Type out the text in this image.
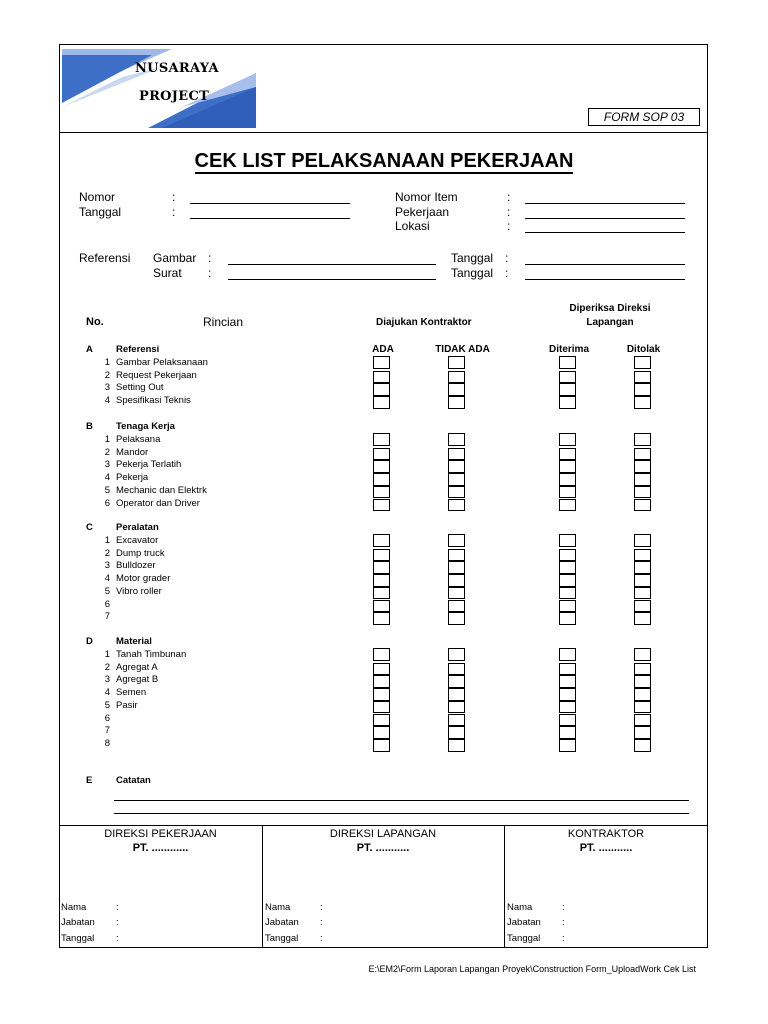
NUSARAYA
PROJECT
FORM SOP 03
CEK LIST PELAKSANAAN PEKERJAAN
Nomor	:
Tanggal	:
Nomor Item	:
Pekerjaan	:
Lokasi	:
Referensi Gambar :	Tanggal :
Surat :	Tanggal :
No.	Rincian	Diajukan Kontraktor
Diperiksa Direksi
Lapangan
ADA	TIDAK ADA	Diterima	Ditolak
A Referensi
1 Gambar Pelaksanaan
2 Request Pekerjaan
3 Setting Out
4 Spesifikasi Teknis
B Tenaga Kerja
1 Pelaksana
2 Mandor
3 Pekerja Terlatih
4 Pekerja
5 Mechanic dan Elektrk
6 Operator dan Driver
C Peralatan
1 Excavator
2 Dump truck
3 Bulldozer
4 Motor grader
5 Vibro roller
6
7
D Material
1 Tanah Timbunan
2 Agregat A
3 Agregat B
4 Semen
5 Pasir
6
7
8
E Catatan
DIREKSI PEKERJAAN
PT. ............
DIREKSI LAPANGAN
PT. ...........
KONTRAKTOR
PT. ...........
Nama	:
Jabatan :
Tanggal :
Nama	:
Jabatan :
Tanggal :
Nama	:
Jabatan :
Tanggal :
E:\EM2\Form Laporan Lapangan Proyek\Construction Form_UploadWork Cek List
